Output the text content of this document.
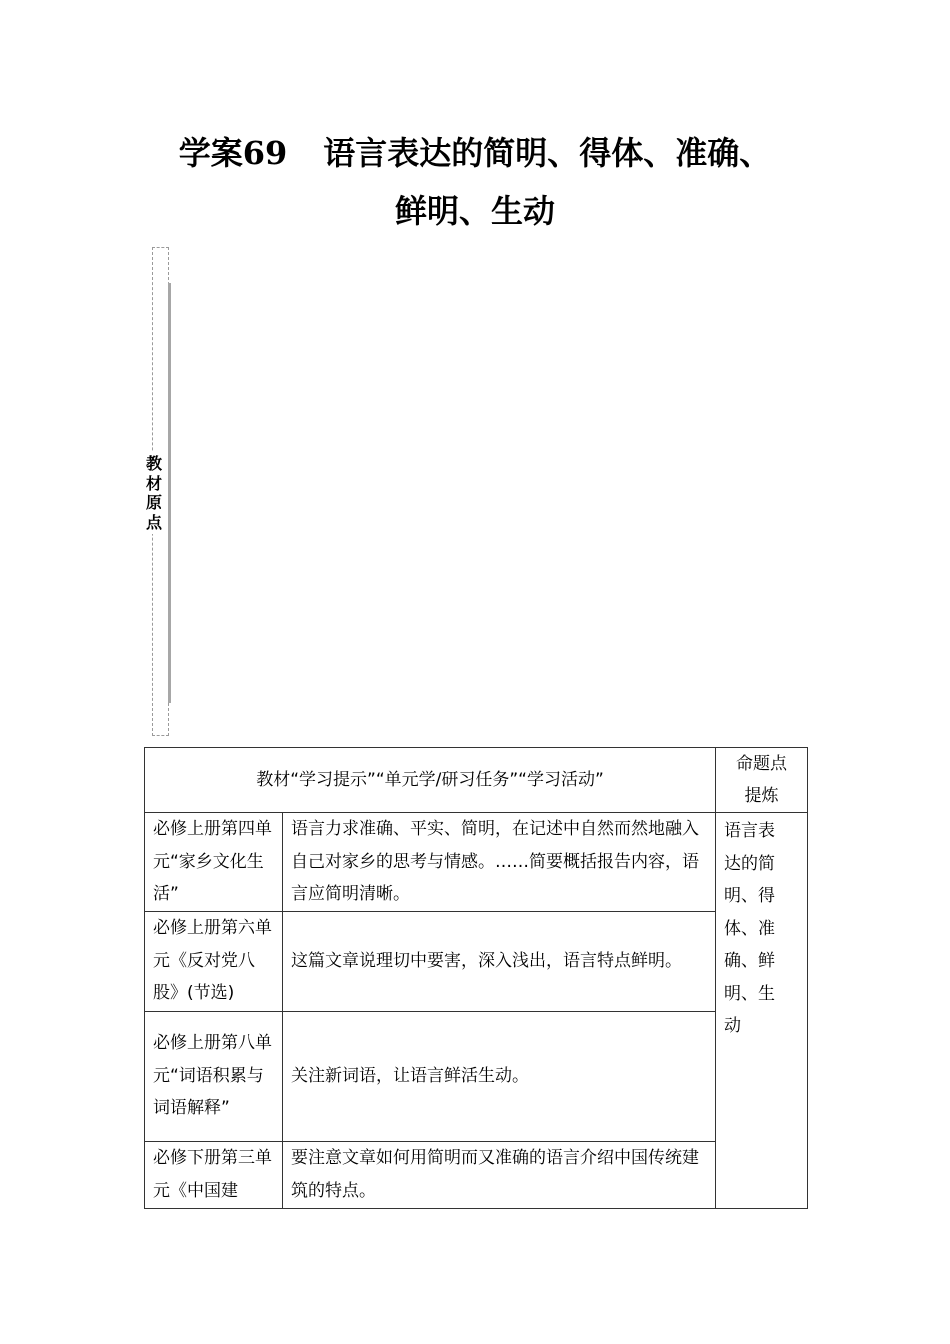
学案69 语言表达的简明、得体、准确、
鲜明、生动
教
材
原
点
教材“学习提示”“单元学/研习任务”“学习活动”		命题点
提炼

必修上册第四单元“家乡文化生活”	语言力求准确、平实、简明，在记述中自然而然地融入自己对家乡的思考与情感。……简要概括报告内容，语言应简明清晰。	语言表达的简明、得体、准确、鲜明、生动

必修上册第六单元《反对党八股》(节选)	这篇文章说理切中要害，深入浅出，语言特点鲜明。	

必修上册第八单元“词语积累与词语解释”	关注新词语，让语言鲜活生动。	

必修下册第三单元《中国建	要注意文章如何用简明而又准确的语言介绍中国传统建筑的特点。	
